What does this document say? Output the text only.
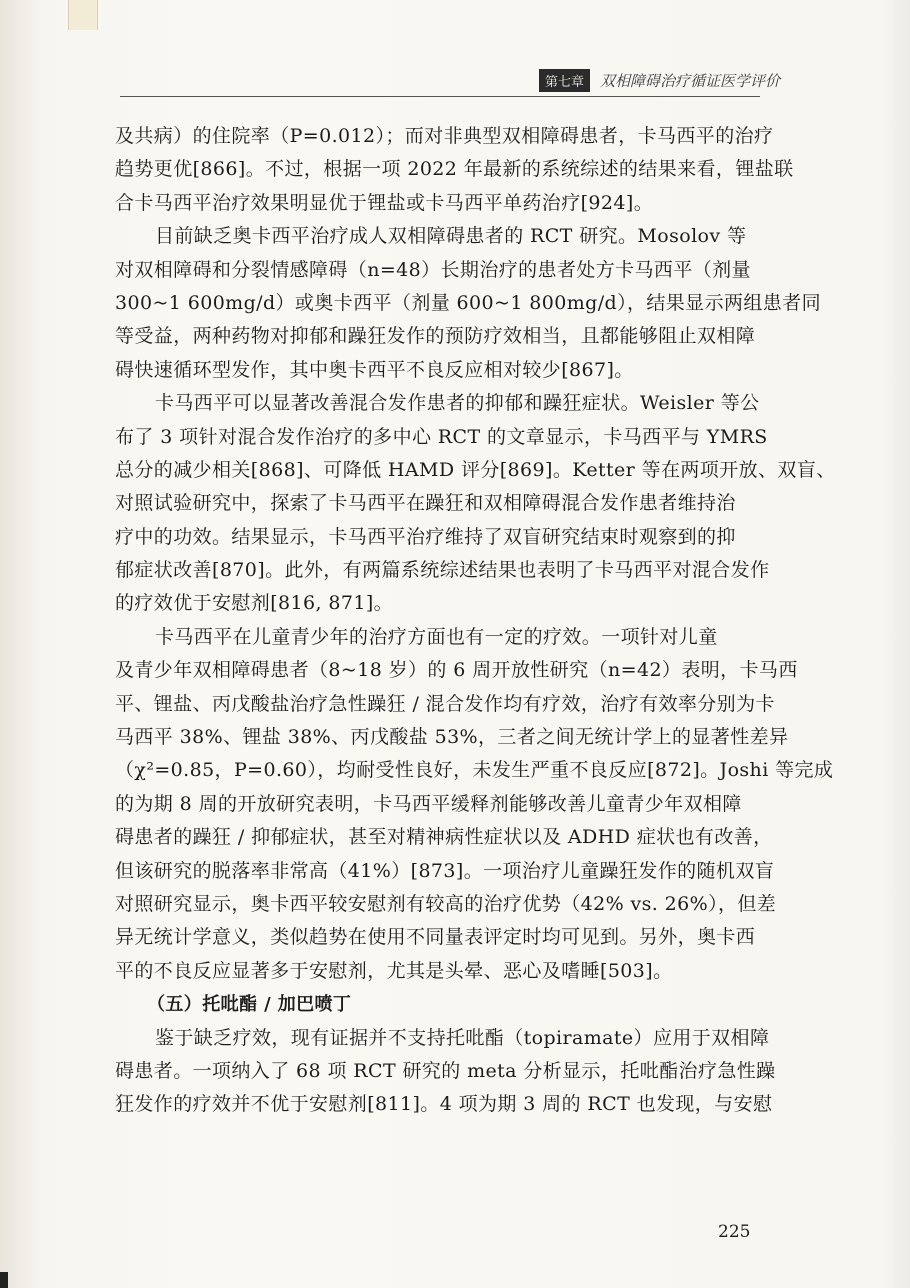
第七章	双相障碍治疗循证医学评价
及共病）的住院率（P=0.012）；而对非典型双相障碍患者，卡马西平的治疗
趋势更优[866]。不过，根据一项 2022 年最新的系统综述的结果来看，锂盐联
合卡马西平治疗效果明显优于锂盐或卡马西平单药治疗[924]。
目前缺乏奥卡西平治疗成人双相障碍患者的 RCT 研究。Mosolov 等
对双相障碍和分裂情感障碍（n=48）长期治疗的患者处方卡马西平（剂量
300~1 600mg/d）或奥卡西平（剂量 600~1 800mg/d），结果显示两组患者同
等受益，两种药物对抑郁和躁狂发作的预防疗效相当，且都能够阻止双相障
碍快速循环型发作，其中奥卡西平不良反应相对较少[867]。
卡马西平可以显著改善混合发作患者的抑郁和躁狂症状。Weisler 等公
布了 3 项针对混合发作治疗的多中心 RCT 的文章显示，卡马西平与 YMRS
总分的减少相关[868]、可降低 HAMD 评分[869]。Ketter 等在两项开放、双盲、
对照试验研究中，探索了卡马西平在躁狂和双相障碍混合发作患者维持治
疗中的功效。结果显示，卡马西平治疗维持了双盲研究结束时观察到的抑
郁症状改善[870]。此外，有两篇系统综述结果也表明了卡马西平对混合发作
的疗效优于安慰剂[816, 871]。
卡马西平在儿童青少年的治疗方面也有一定的疗效。一项针对儿童
及青少年双相障碍患者（8~18 岁）的 6 周开放性研究（n=42）表明，卡马西
平、锂盐、丙戊酸盐治疗急性躁狂 / 混合发作均有疗效，治疗有效率分别为卡
马西平 38%、锂盐 38%、丙戊酸盐 53%，三者之间无统计学上的显著性差异
（χ²=0.85，P=0.60），均耐受性良好，未发生严重不良反应[872]。Joshi 等完成
的为期 8 周的开放研究表明，卡马西平缓释剂能够改善儿童青少年双相障
碍患者的躁狂 / 抑郁症状，甚至对精神病性症状以及 ADHD 症状也有改善，
但该研究的脱落率非常高（41%）[873]。一项治疗儿童躁狂发作的随机双盲
对照研究显示，奥卡西平较安慰剂有较高的治疗优势（42% vs. 26%），但差
异无统计学意义，类似趋势在使用不同量表评定时均可见到。另外，奥卡西
平的不良反应显著多于安慰剂，尤其是头晕、恶心及嗜睡[503]。
（五）托吡酯 / 加巴喷丁
鉴于缺乏疗效，现有证据并不支持托吡酯（topiramate）应用于双相障
碍患者。一项纳入了 68 项 RCT 研究的 meta 分析显示，托吡酯治疗急性躁
狂发作的疗效并不优于安慰剂[811]。4 项为期 3 周的 RCT 也发现，与安慰
225
